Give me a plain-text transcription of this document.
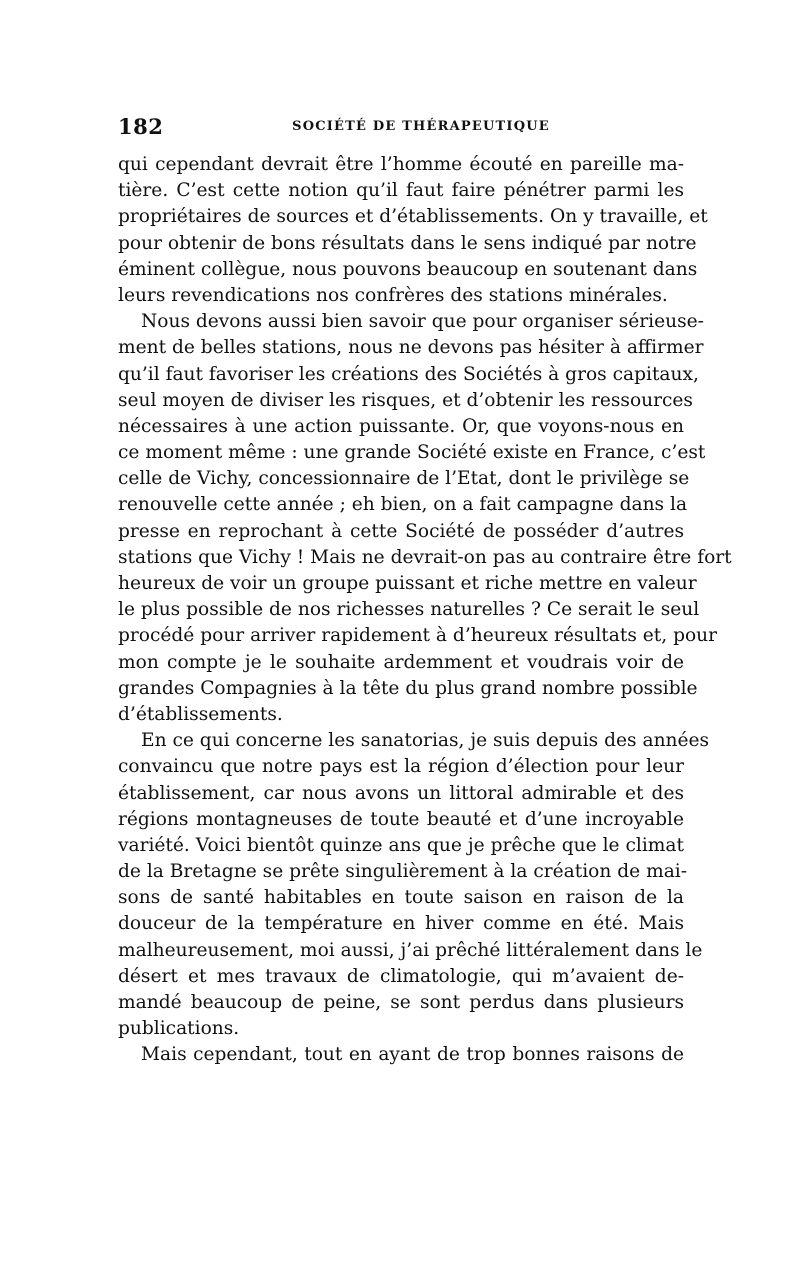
182	SOCIÉTÉ DE THÉRAPEUTIQUE
qui cependant devrait être l’homme écouté en pareille ma-
tière. C’est cette notion qu’il faut faire pénétrer parmi les
propriétaires de sources et d’établissements. On y travaille, et
pour obtenir de bons résultats dans le sens indiqué par notre
éminent collègue, nous pouvons beaucoup en soutenant dans
leurs revendications nos confrères des stations minérales.
Nous devons aussi bien savoir que pour organiser sérieuse-
ment de belles stations, nous ne devons pas hésiter à affirmer
qu’il faut favoriser les créations des Sociétés à gros capitaux,
seul moyen de diviser les risques, et d’obtenir les ressources
nécessaires à une action puissante. Or, que voyons-nous en
ce moment même : une grande Société existe en France, c’est
celle de Vichy, concessionnaire de l’Etat, dont le privilège se
renouvelle cette année ; eh bien, on a fait campagne dans la
presse en reprochant à cette Société de posséder d’autres
stations que Vichy ! Mais ne devrait-on pas au contraire être fort
heureux de voir un groupe puissant et riche mettre en valeur
le plus possible de nos richesses naturelles ? Ce serait le seul
procédé pour arriver rapidement à d’heureux résultats et, pour
mon compte je le souhaite ardemment et voudrais voir de
grandes Compagnies à la tête du plus grand nombre possible
d’établissements.
En ce qui concerne les sanatorias, je suis depuis des années
convaincu que notre pays est la région d’élection pour leur
établissement, car nous avons un littoral admirable et des
régions montagneuses de toute beauté et d’une incroyable
variété. Voici bientôt quinze ans que je prêche que le climat
de la Bretagne se prête singulièrement à la création de mai-
sons de santé habitables en toute saison en raison de la
douceur de la température en hiver comme en été. Mais
malheureusement, moi aussi, j’ai prêché littéralement dans le
désert et mes travaux de climatologie, qui m’avaient de-
mandé beaucoup de peine, se sont perdus dans plusieurs
publications.
Mais cependant, tout en ayant de trop bonnes raisons de
